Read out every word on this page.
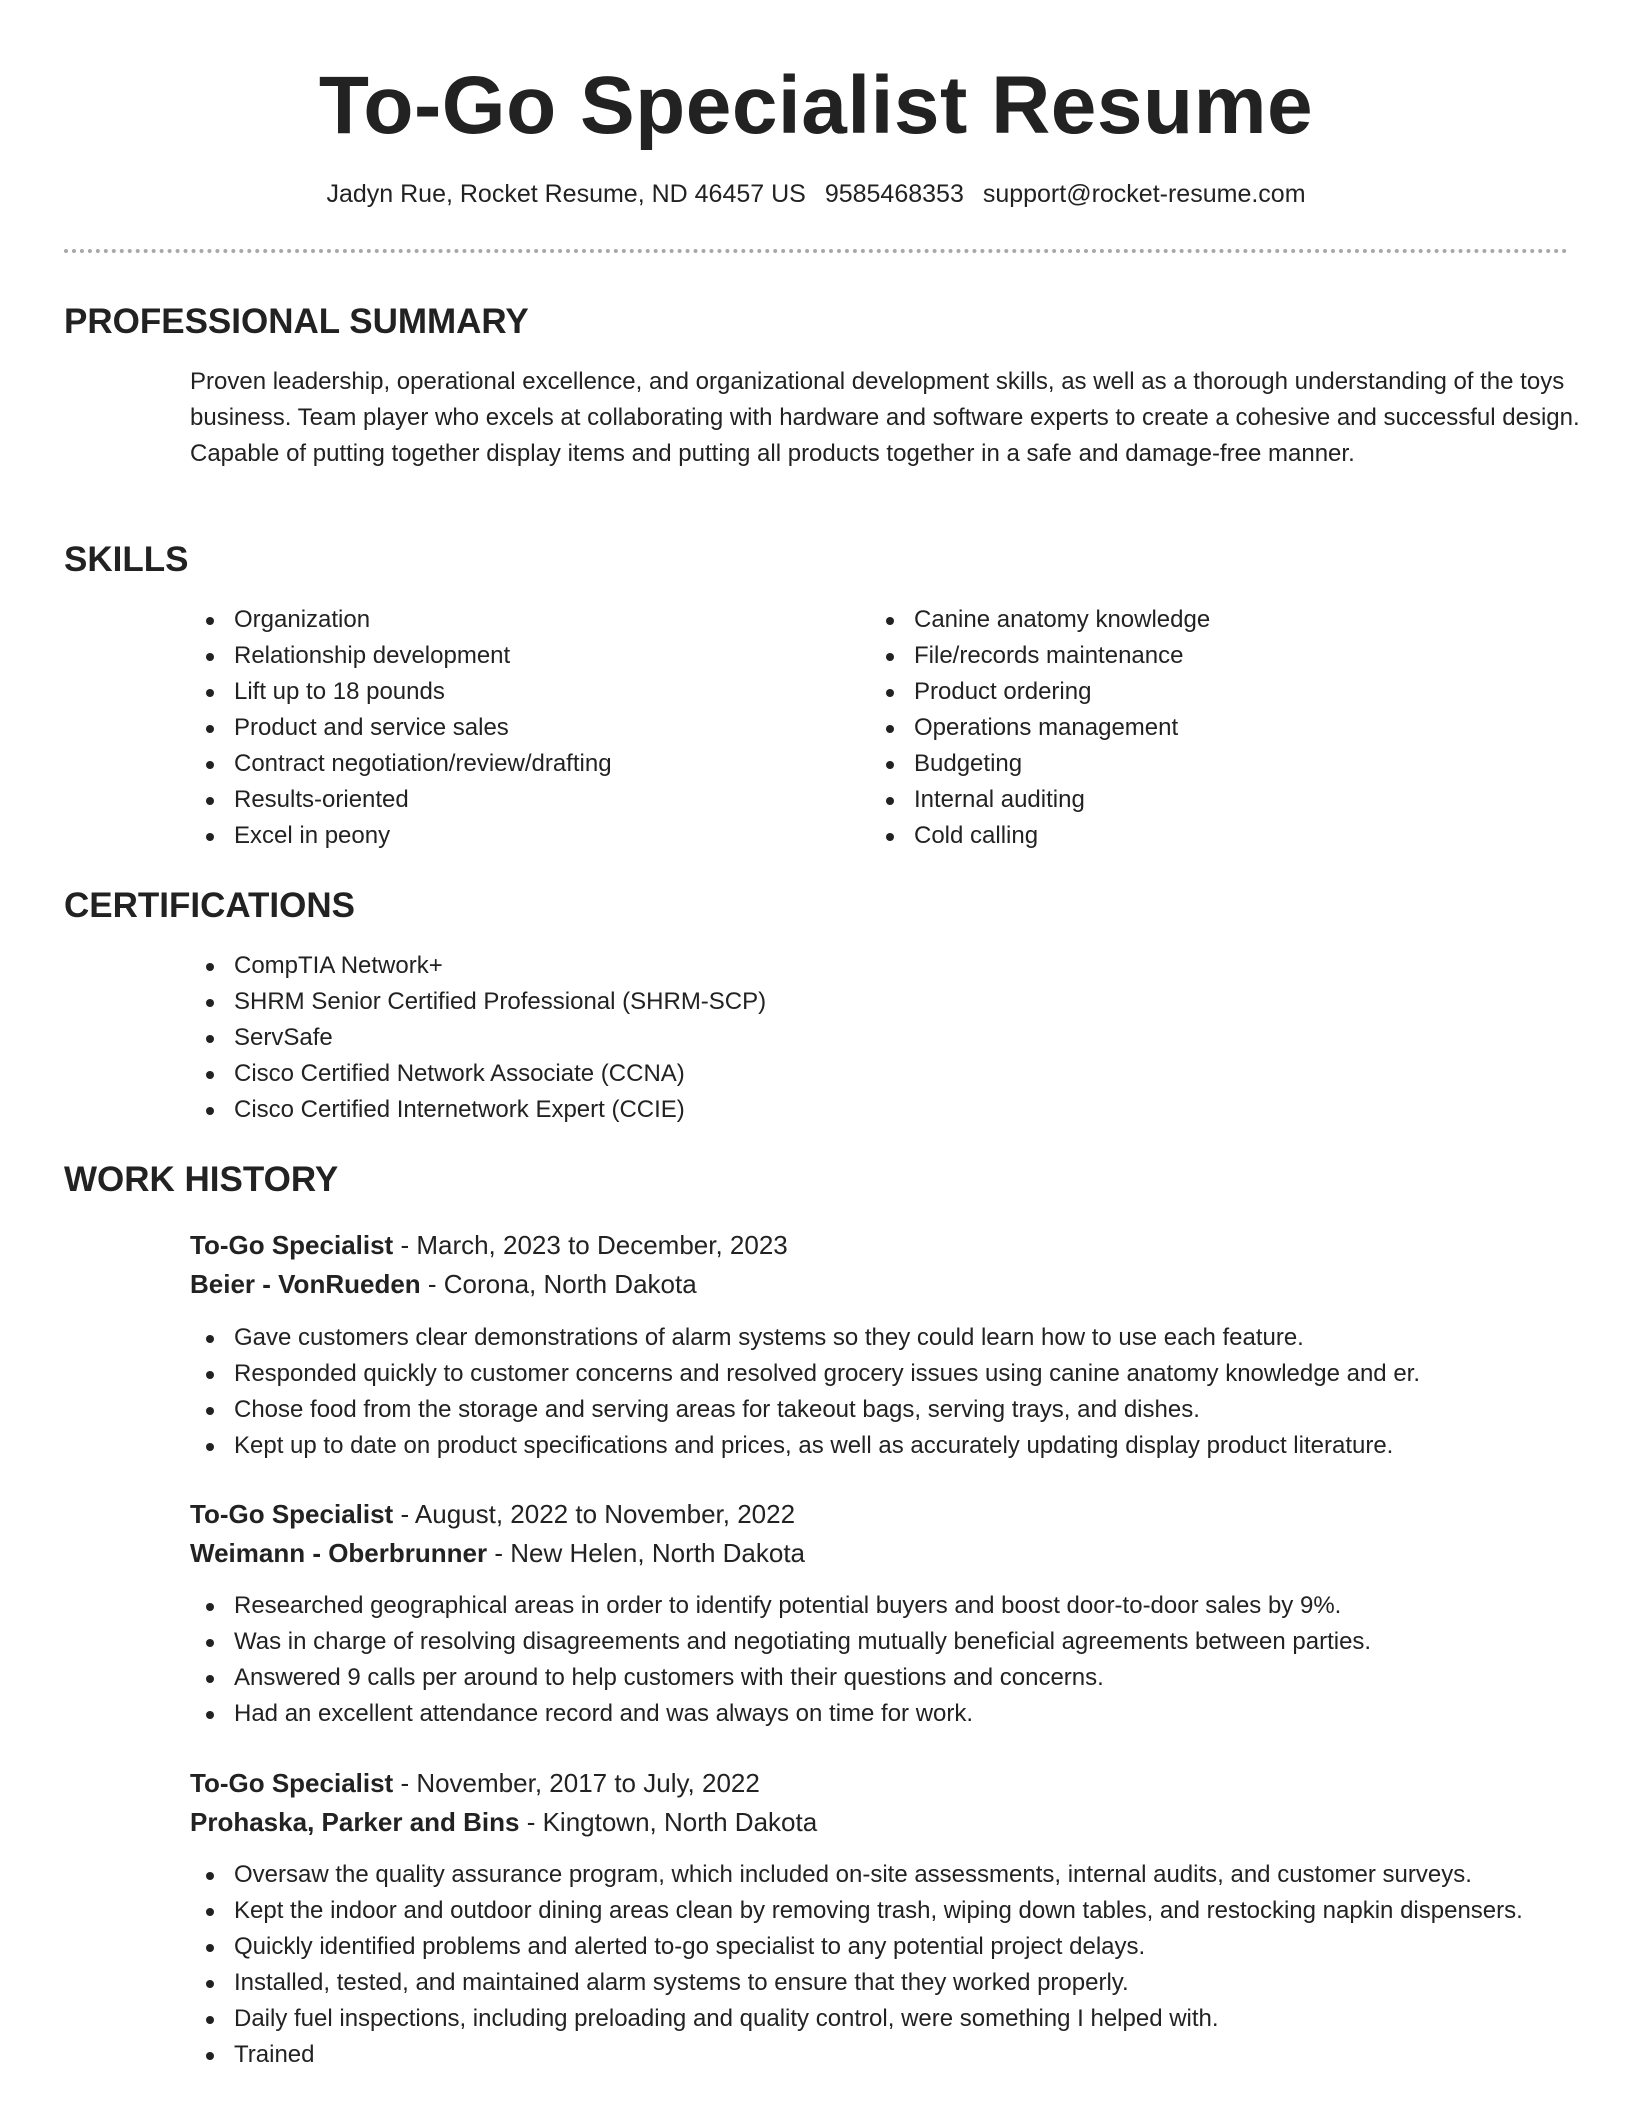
To-Go Specialist Resume
Jadyn Rue, Rocket Resume, ND 46457 US 9585468353 support@rocket-resume.com
PROFESSIONAL SUMMARY

Proven leadership, operational excellence, and organizational development skills, as well as a thorough understanding of the toys business. Team player who excels at collaborating with hardware and software experts to create a cohesive and successful design. Capable of putting together display items and putting all products together in a safe and damage-free manner.

SKILLS
Organization
Relationship development
Lift up to 18 pounds
Product and service sales
Contract negotiation/review/drafting
Results-oriented
Excel in peony
Canine anatomy knowledge
File/records maintenance
Product ordering
Operations management
Budgeting
Internal auditing
Cold calling
CERTIFICATIONS
CompTIA Network+
SHRM Senior Certified Professional (SHRM-SCP)
ServSafe
Cisco Certified Network Associate (CCNA)
Cisco Certified Internetwork Expert (CCIE)
WORK HISTORY
To-Go Specialist - March, 2023 to December, 2023
Beier - VonRueden - Corona, North Dakota
Gave customers clear demonstrations of alarm systems so they could learn how to use each feature.
Responded quickly to customer concerns and resolved grocery issues using canine anatomy knowledge and er.
Chose food from the storage and serving areas for takeout bags, serving trays, and dishes.
Kept up to date on product specifications and prices, as well as accurately updating display product literature.
To-Go Specialist - August, 2022 to November, 2022
Weimann - Oberbrunner - New Helen, North Dakota
Researched geographical areas in order to identify potential buyers and boost door-to-door sales by 9%.
Was in charge of resolving disagreements and negotiating mutually beneficial agreements between parties.
Answered 9 calls per around to help customers with their questions and concerns.
Had an excellent attendance record and was always on time for work.
To-Go Specialist - November, 2017 to July, 2022
Prohaska, Parker and Bins - Kingtown, North Dakota
Oversaw the quality assurance program, which included on-site assessments, internal audits, and customer surveys.
Kept the indoor and outdoor dining areas clean by removing trash, wiping down tables, and restocking napkin dispensers.
Quickly identified problems and alerted to-go specialist to any potential project delays.
Installed, tested, and maintained alarm systems to ensure that they worked properly.
Daily fuel inspections, including preloading and quality control, were something I helped with.
Trained
